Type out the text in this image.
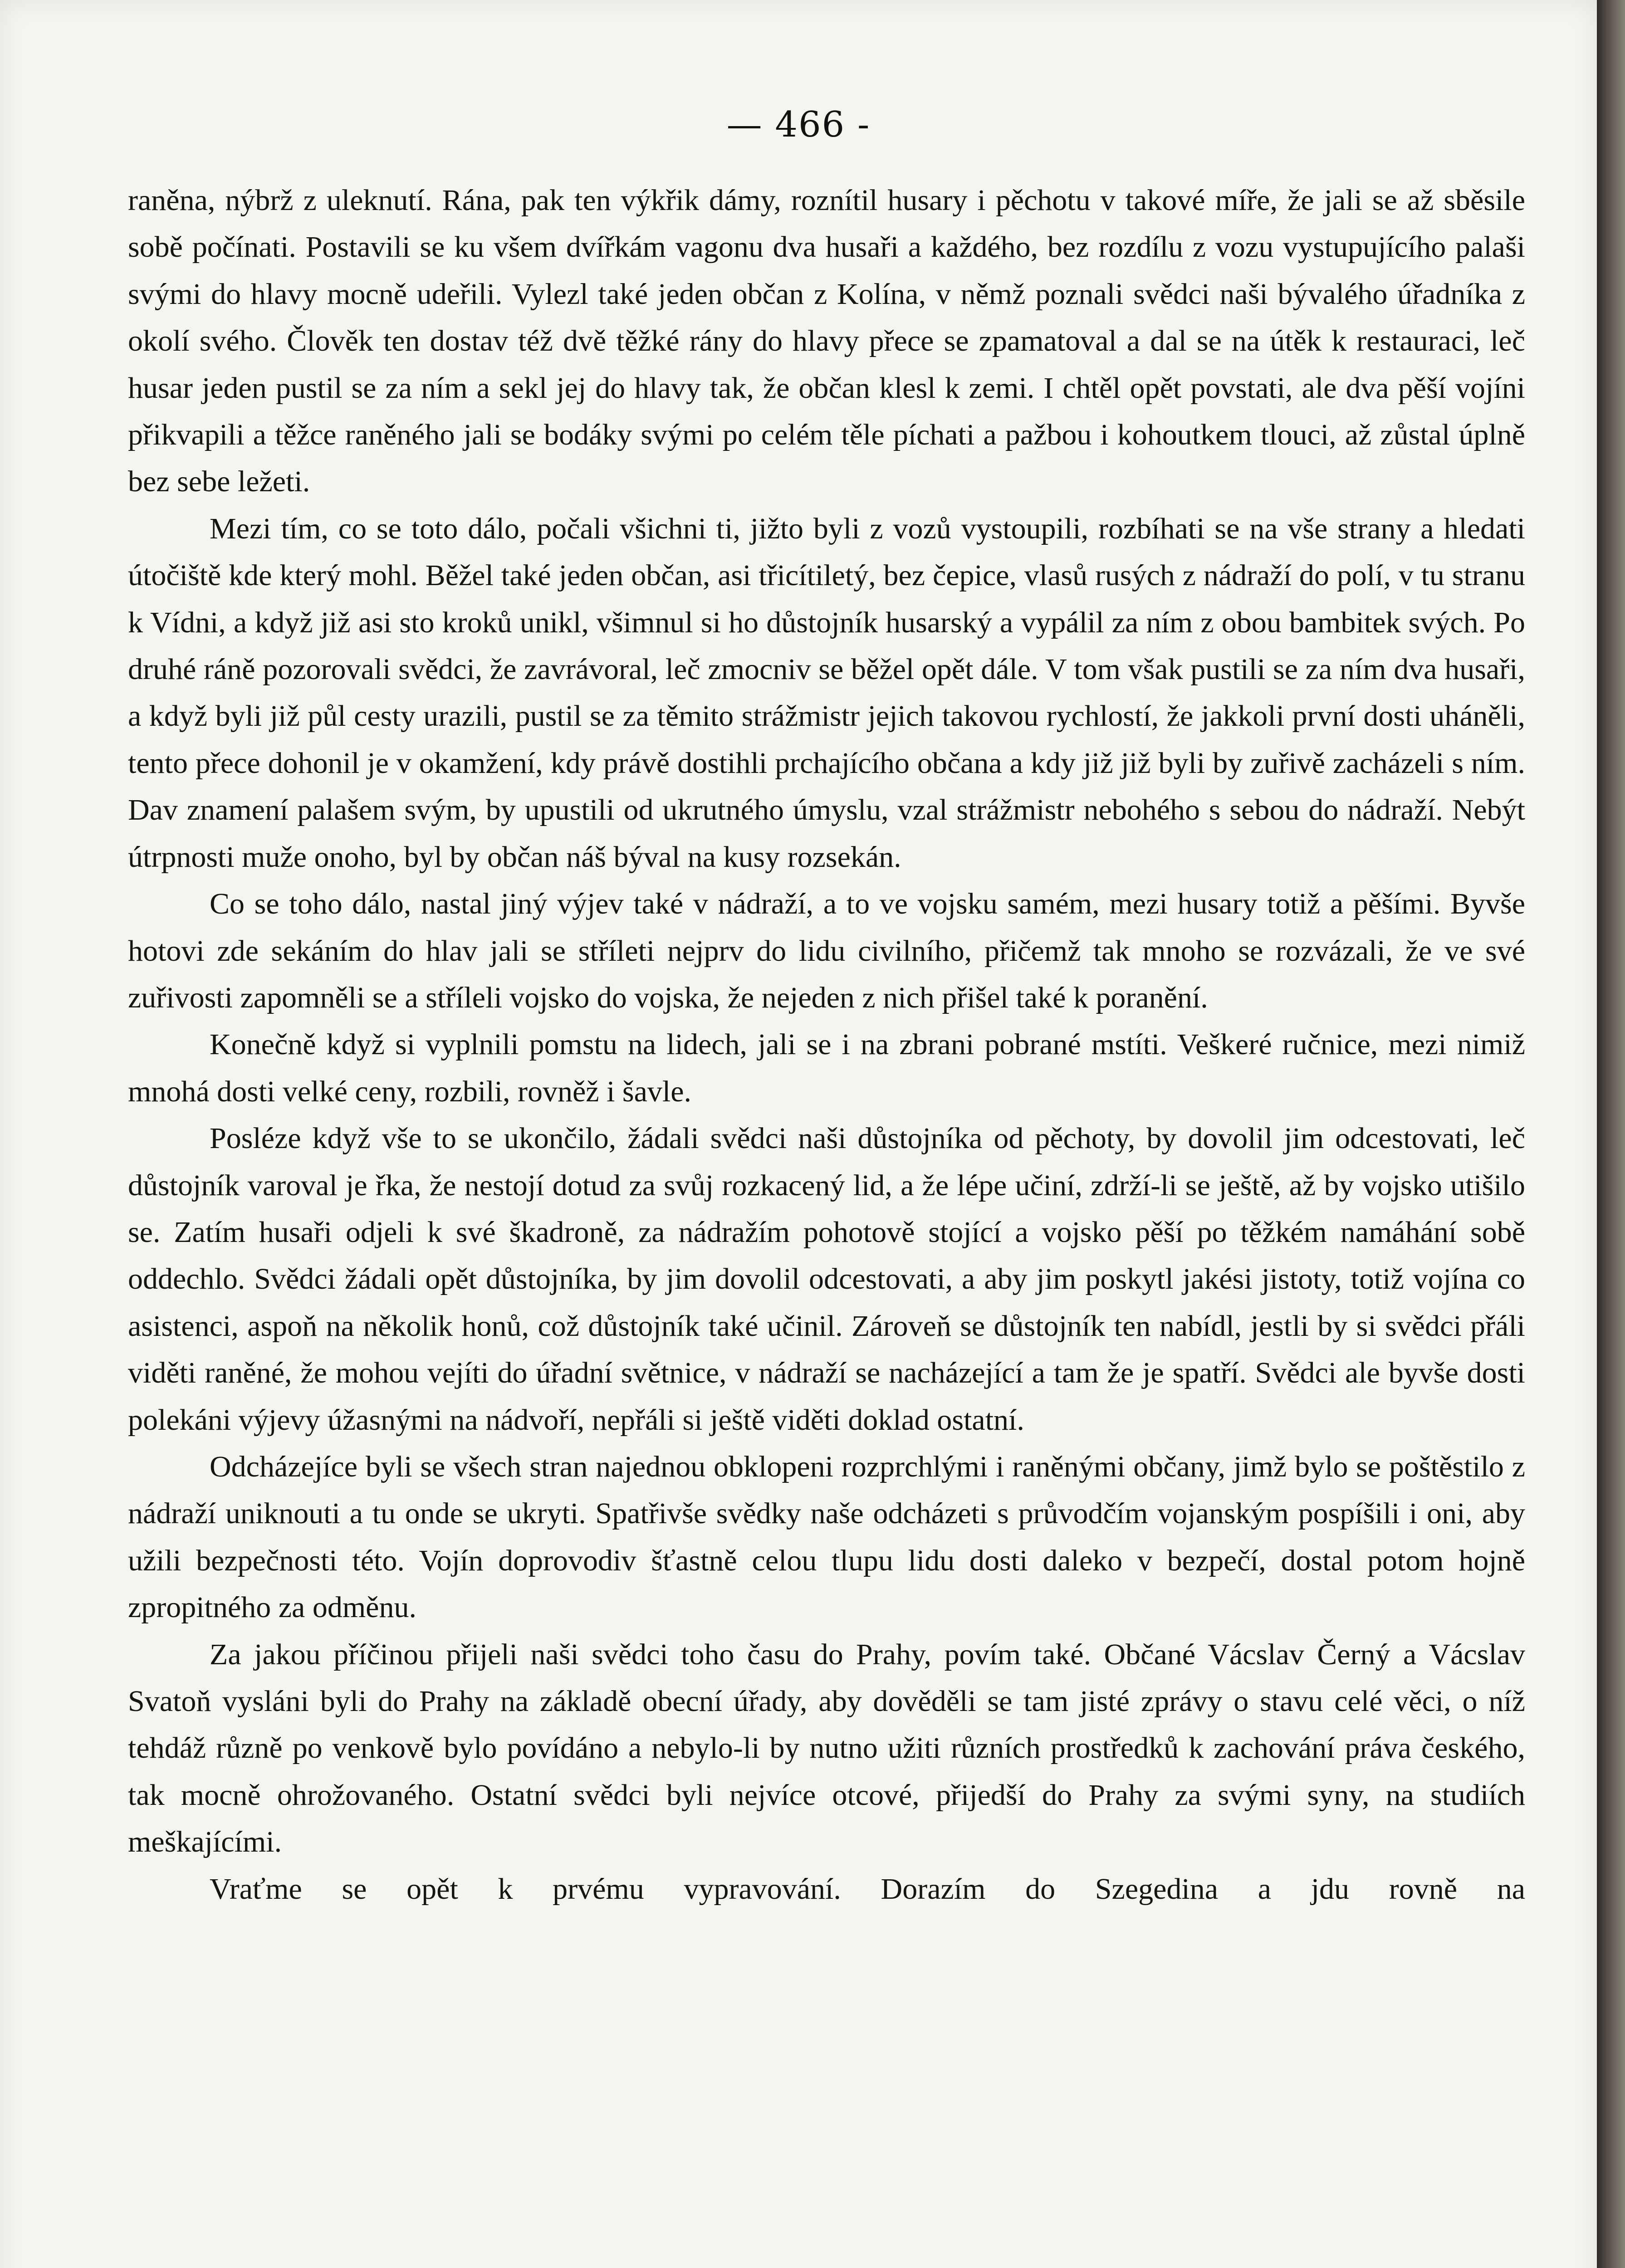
— 466 -

raněna, nýbrž z uleknutí. Rána, pak ten výkřik dámy, roznítil husary i pěchotu v takové míře, že jali se až sběsile sobě počínati. Postavili se ku všem dvířkám vagonu dva husaři a každého, bez rozdílu z vozu vystupujícího palaši svými do hlavy mocně udeřili. Vylezl také jeden občan z Kolína, v němž poznali svědci naši bývalého úřadníka z okolí svého. Člověk ten dostav též dvě těžké rány do hlavy přece se zpamatoval a dal se na útěk k restauraci, leč husar jeden pustil se za ním a sekl jej do hlavy tak, že občan klesl k zemi. I chtěl opět povstati, ale dva pěší vojíni přikvapili a těžce raněného jali se bodáky svými po celém těle píchati a pažbou i kohoutkem tlouci, až zůstal úplně bez sebe ležeti.

Mezi tím, co se toto dálo, počali všichni ti, jižto byli z vozů vystoupili, rozbíhati se na vše strany a hledati útočiště kde který mohl. Běžel také jeden občan, asi třicítiletý, bez čepice, vlasů rusých z nádraží do polí, v tu stranu k Vídni, a když již asi sto kroků unikl, všimnul si ho důstojník husarský a vypálil za ním z obou bambitek svých. Po druhé ráně pozorovali svědci, že zavrávoral, leč zmocniv se běžel opět dále. V tom však pustili se za ním dva husaři, a když byli již půl cesty urazili, pustil se za těmito strážmistr jejich takovou rychlostí, že jakkoli první dosti uháněli, tento přece dohonil je v okamžení, kdy právě dostihli prchajícího občana a kdy již již byli by zuřivě zacházeli s ním. Dav znamení palašem svým, by upustili od ukrutného úmyslu, vzal strážmistr nebohého s sebou do nádraží. Nebýt útrpnosti muže onoho, byl by občan náš býval na kusy rozsekán.

Co se toho dálo, nastal jiný výjev také v nádraží, a to ve vojsku samém, mezi husary totiž a pěšími. Byvše hotovi zde sekáním do hlav jali se stříleti nejprv do lidu civilního, přičemž tak mnoho se rozvázali, že ve své zuřivosti zapomněli se a stříleli vojsko do vojska, že nejeden z nich přišel také k poranění.

Konečně když si vyplnili pomstu na lidech, jali se i na zbrani pobrané mstíti. Veškeré ručnice, mezi nimiž mnohá dosti velké ceny, rozbili, rovněž i šavle.

Posléze když vše to se ukončilo, žádali svědci naši důstojníka od pěchoty, by dovolil jim odcestovati, leč důstojník varoval je řka, že nestojí dotud za svůj rozkacený lid, a že lépe učiní, zdrží-li se ještě, až by vojsko utišilo se. Zatím husaři odjeli k své škadroně, za nádražím pohotově stojící a vojsko pěší po těžkém namáhání sobě oddechlo. Svědci žádali opět důstojníka, by jim dovolil odcestovati, a aby jim poskytl jakési jistoty, totiž vojína co asistenci, aspoň na několik honů, což důstojník také učinil. Zároveň se důstojník ten nabídl, jestli by si svědci přáli viděti raněné, že mohou vejíti do úřadní světnice, v nádraží se nacházející a tam že je spatří. Svědci ale byvše dosti polekáni výjevy úžasnými na nádvoří, nepřáli si ještě viděti doklad ostatní.

Odcházejíce byli se všech stran najednou obklopeni rozprchlými i raněnými občany, jimž bylo se poštěstilo z nádraží uniknouti a tu onde se ukryti. Spatřivše svědky naše odcházeti s průvodčím vojanským pospíšili i oni, aby užili bezpečnosti této. Vojín doprovodiv šťastně celou tlupu lidu dosti daleko v bezpečí, dostal potom hojně zpropitného za odměnu.

Za jakou příčinou přijeli naši svědci toho času do Prahy, povím také. Občané Vácslav Černý a Vácslav Svatoň vysláni byli do Prahy na základě obecní úřady, aby dověděli se tam jisté zprávy o stavu celé věci, o níž tehdáž různě po venkově bylo povídáno a nebylo-li by nutno užiti různích prostředků k zachování práva českého, tak mocně ohrožovaného. Ostatní svědci byli nejvíce otcové, přijedší do Prahy za svými syny, na studiích meškajícími.

Vraťme se opět k prvému vypravování. Dorazím do Szegedina a jdu rovně na
